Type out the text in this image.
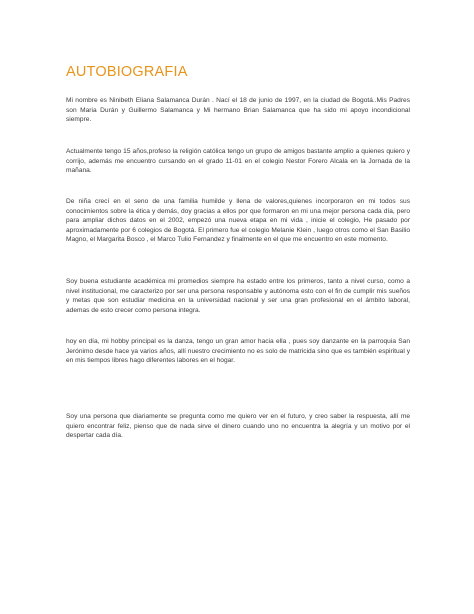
AUTOBIOGRAFIA

Mi nombre es Ninibeth Eliana Salamanca Durán . Nací el 18 de junio de 1997, en la ciudad de Bogotá..Mis Padres son Maria Durán y Guillermo Salamanca y Mi hermano Brian Salamanca que ha sido mi apoyo incondicional siempre.

Actualmente tengo 15 años,profeso la religión católica tengo un grupo de amigos bastante amplio a quienes quiero y corrijo, además me encuentro cursando en el grado 11-01 en el colegio Nestor Forero Alcala en la Jornada de la mañana.

De niña crecí en el seno de una familia humilde y llena de valores,quienes incorporaron en mi todos sus conocimientos sobre la ética y demás, doy gracias a ellos por que formaron en mi una mejor persona cada día, pero para ampliar dichos datos en el 2002, empezó una nueva etapa en mi vida , inicie el colegio, He pasado por aproximadamente por 6 colegios de Bogotá. El primero fue el colegio Melanie Klein , luego otros como el San Basilio Magno, el Margarita Bosco , el Marco Tulio Fernandez y finalmente en el que me encuentro en este momento.

Soy buena estudiante académica mi promedios siempre ha estado entre los primeros, tanto a nivel curso, como a nivel institucional, me caracterizo por ser una persona responsable y autónoma esto con el fin de cumplir mis sueños y metas que son estudiar medicina en la universidad nacional y ser una gran profesional en el ámbito laboral, ademas de esto crecer como persona integra.

hoy en día, mi hobby principal es la danza, tengo un gran amor hacia ella , pues soy danzante en la parroquia San Jerónimo desde hace ya varios años, allí nuestro crecimiento no es solo de matricida sino que es también espiritual y en mis tiempos libres hago diferentes labores en el hogar.

Soy una persona que diariamente se pregunta como me quiero ver en el futuro, y creo saber la respuesta, allí me quiero encontrar feliz, pienso que de nada sirve el dinero cuando uno no encuentra la alegría y un motivo por el despertar cada día.
